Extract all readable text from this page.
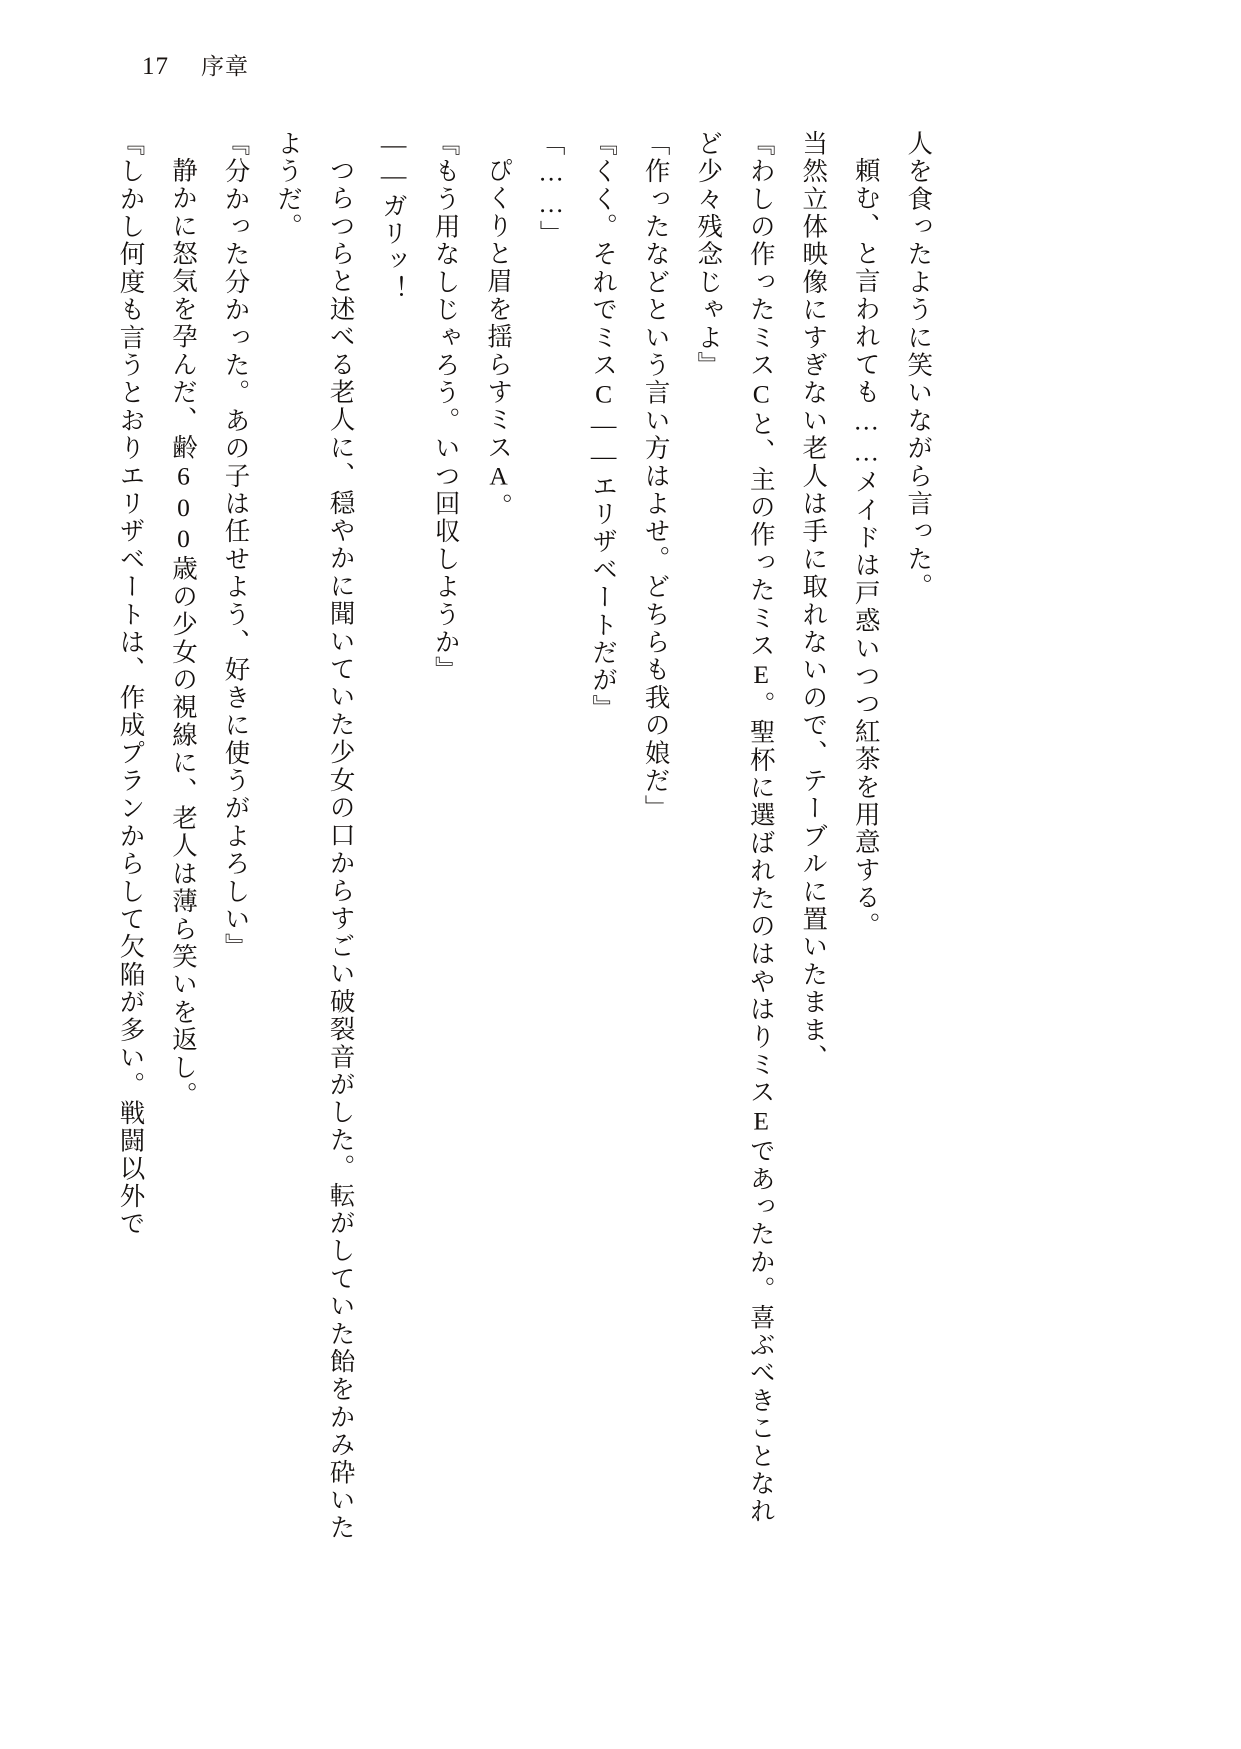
17 序章

人を食ったように笑いながら言った。

頼む、と言われても……メイドは戸惑いつつ紅茶を用意する。

当然立体映像にすぎない老人は手に取れないので、テーブルに置いたまま、

『わしの作ったミスCと、主の作ったミスE。聖杯に選ばれたのはやはりミスEであったか。喜ぶべきことなれど少々残念じゃよ』

「作ったなどという言い方はよせ。どちらも我の娘だ」

『くく。それでミスC――エリザベートだが』

「……」

ぴくりと眉を揺らすミスA。

『もう用なしじゃろう。いつ回収しようか』

――ガリッ！

つらつらと述べる老人に、穏やかに聞いていた少女の口からすごい破裂音がした。転がしていた飴をかみ砕いたようだ。

『分かった分かった。あの子は任せよう、好きに使うがよろしい』

静かに怒気を孕んだ、齢600歳の少女の視線に、老人は薄ら笑いを返し。

『しかし何度も言うとおりエリザベートは、作成プランからして欠陥が多い。戦闘以外で
